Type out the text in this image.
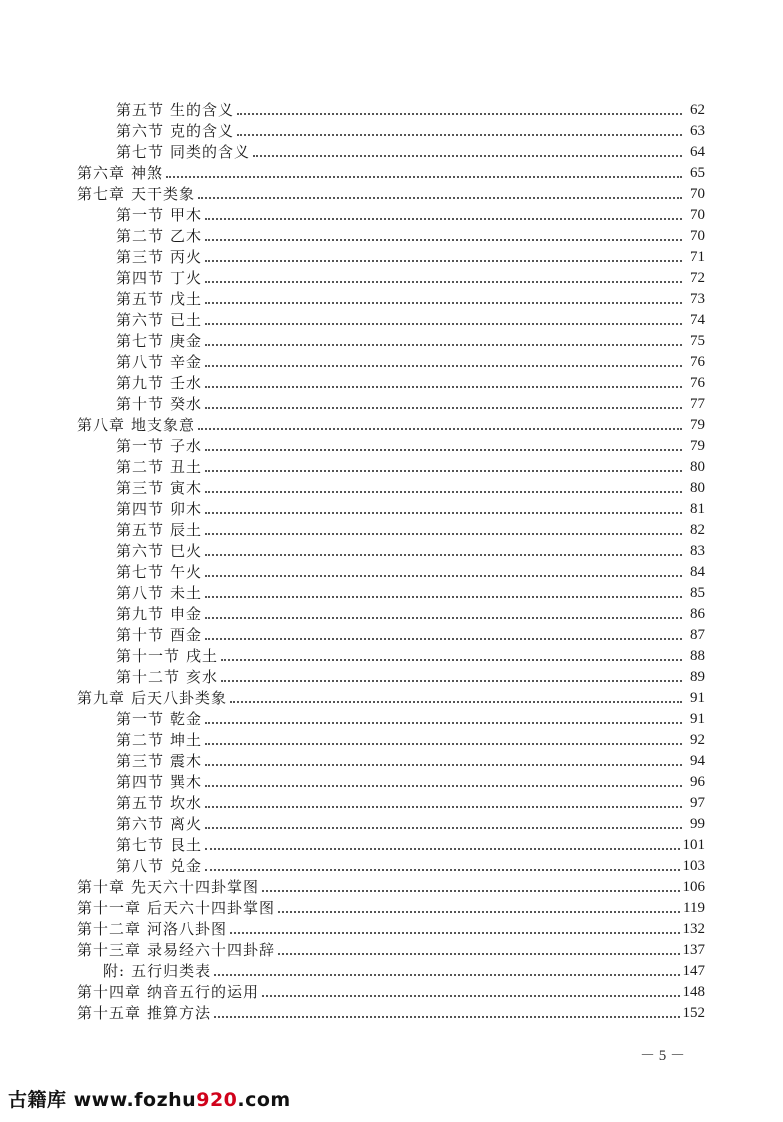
第五节 生的含义	62
第六节 克的含义	63
第七节 同类的含义	64
第六章 神煞	65
第七章 天干类象	70
第一节 甲木	70
第二节 乙木	70
第三节 丙火	71
第四节 丁火	72
第五节 戊土	73
第六节 已土	74
第七节 庚金	75
第八节 辛金	76
第九节 壬水	76
第十节 癸水	77
第八章 地支象意	79
第一节 子水	79
第二节 丑土	80
第三节 寅木	80
第四节 卯木	81
第五节 辰土	82
第六节 巳火	83
第七节 午火	84
第八节 未土	85
第九节 申金	86
第十节 酉金	87
第十一节 戌土	88
第十二节 亥水	89
第九章 后天八卦类象	91
第一节 乾金	91
第二节 坤土	92
第三节 震木	94
第四节 巽木	96
第五节 坎水	97
第六节 离火	99
第七节 艮土	101
第八节 兑金	103
第十章 先天六十四卦掌图	106
第十一章 后天六十四卦掌图	119
第十二章 河洛八卦图	132
第十三章 录易经六十四卦辞	137
附: 五行归类表	147
第十四章 纳音五行的运用	148
第十五章 推算方法	152
－ 5 －
古籍库 www.fozhu920.com
